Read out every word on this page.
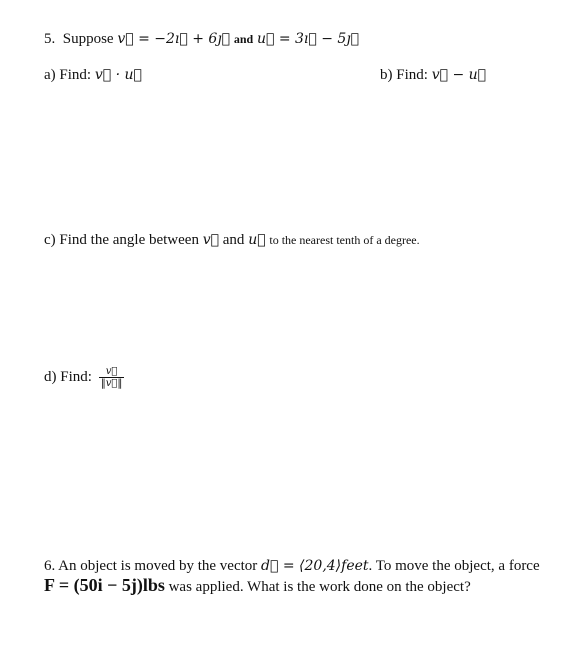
5. Suppose v⃗ = −2ı⃗ + 6ȷ⃗ and u⃗ = 3ı⃗ − 5ȷ⃗
a) Find: v⃗ · u⃗	b) Find: v⃗ − u⃗
c) Find the angle between v⃗ and u⃗ to the nearest tenth of a degree.
d) Find: $\frac{v⃗}{‖v⃗‖}$
6. An object is moved by the vector d⃗ = ⟨20,4⟩feet. To move the object, a force
F = (50i − 5j)lbs was applied. What is the work done on the object?
